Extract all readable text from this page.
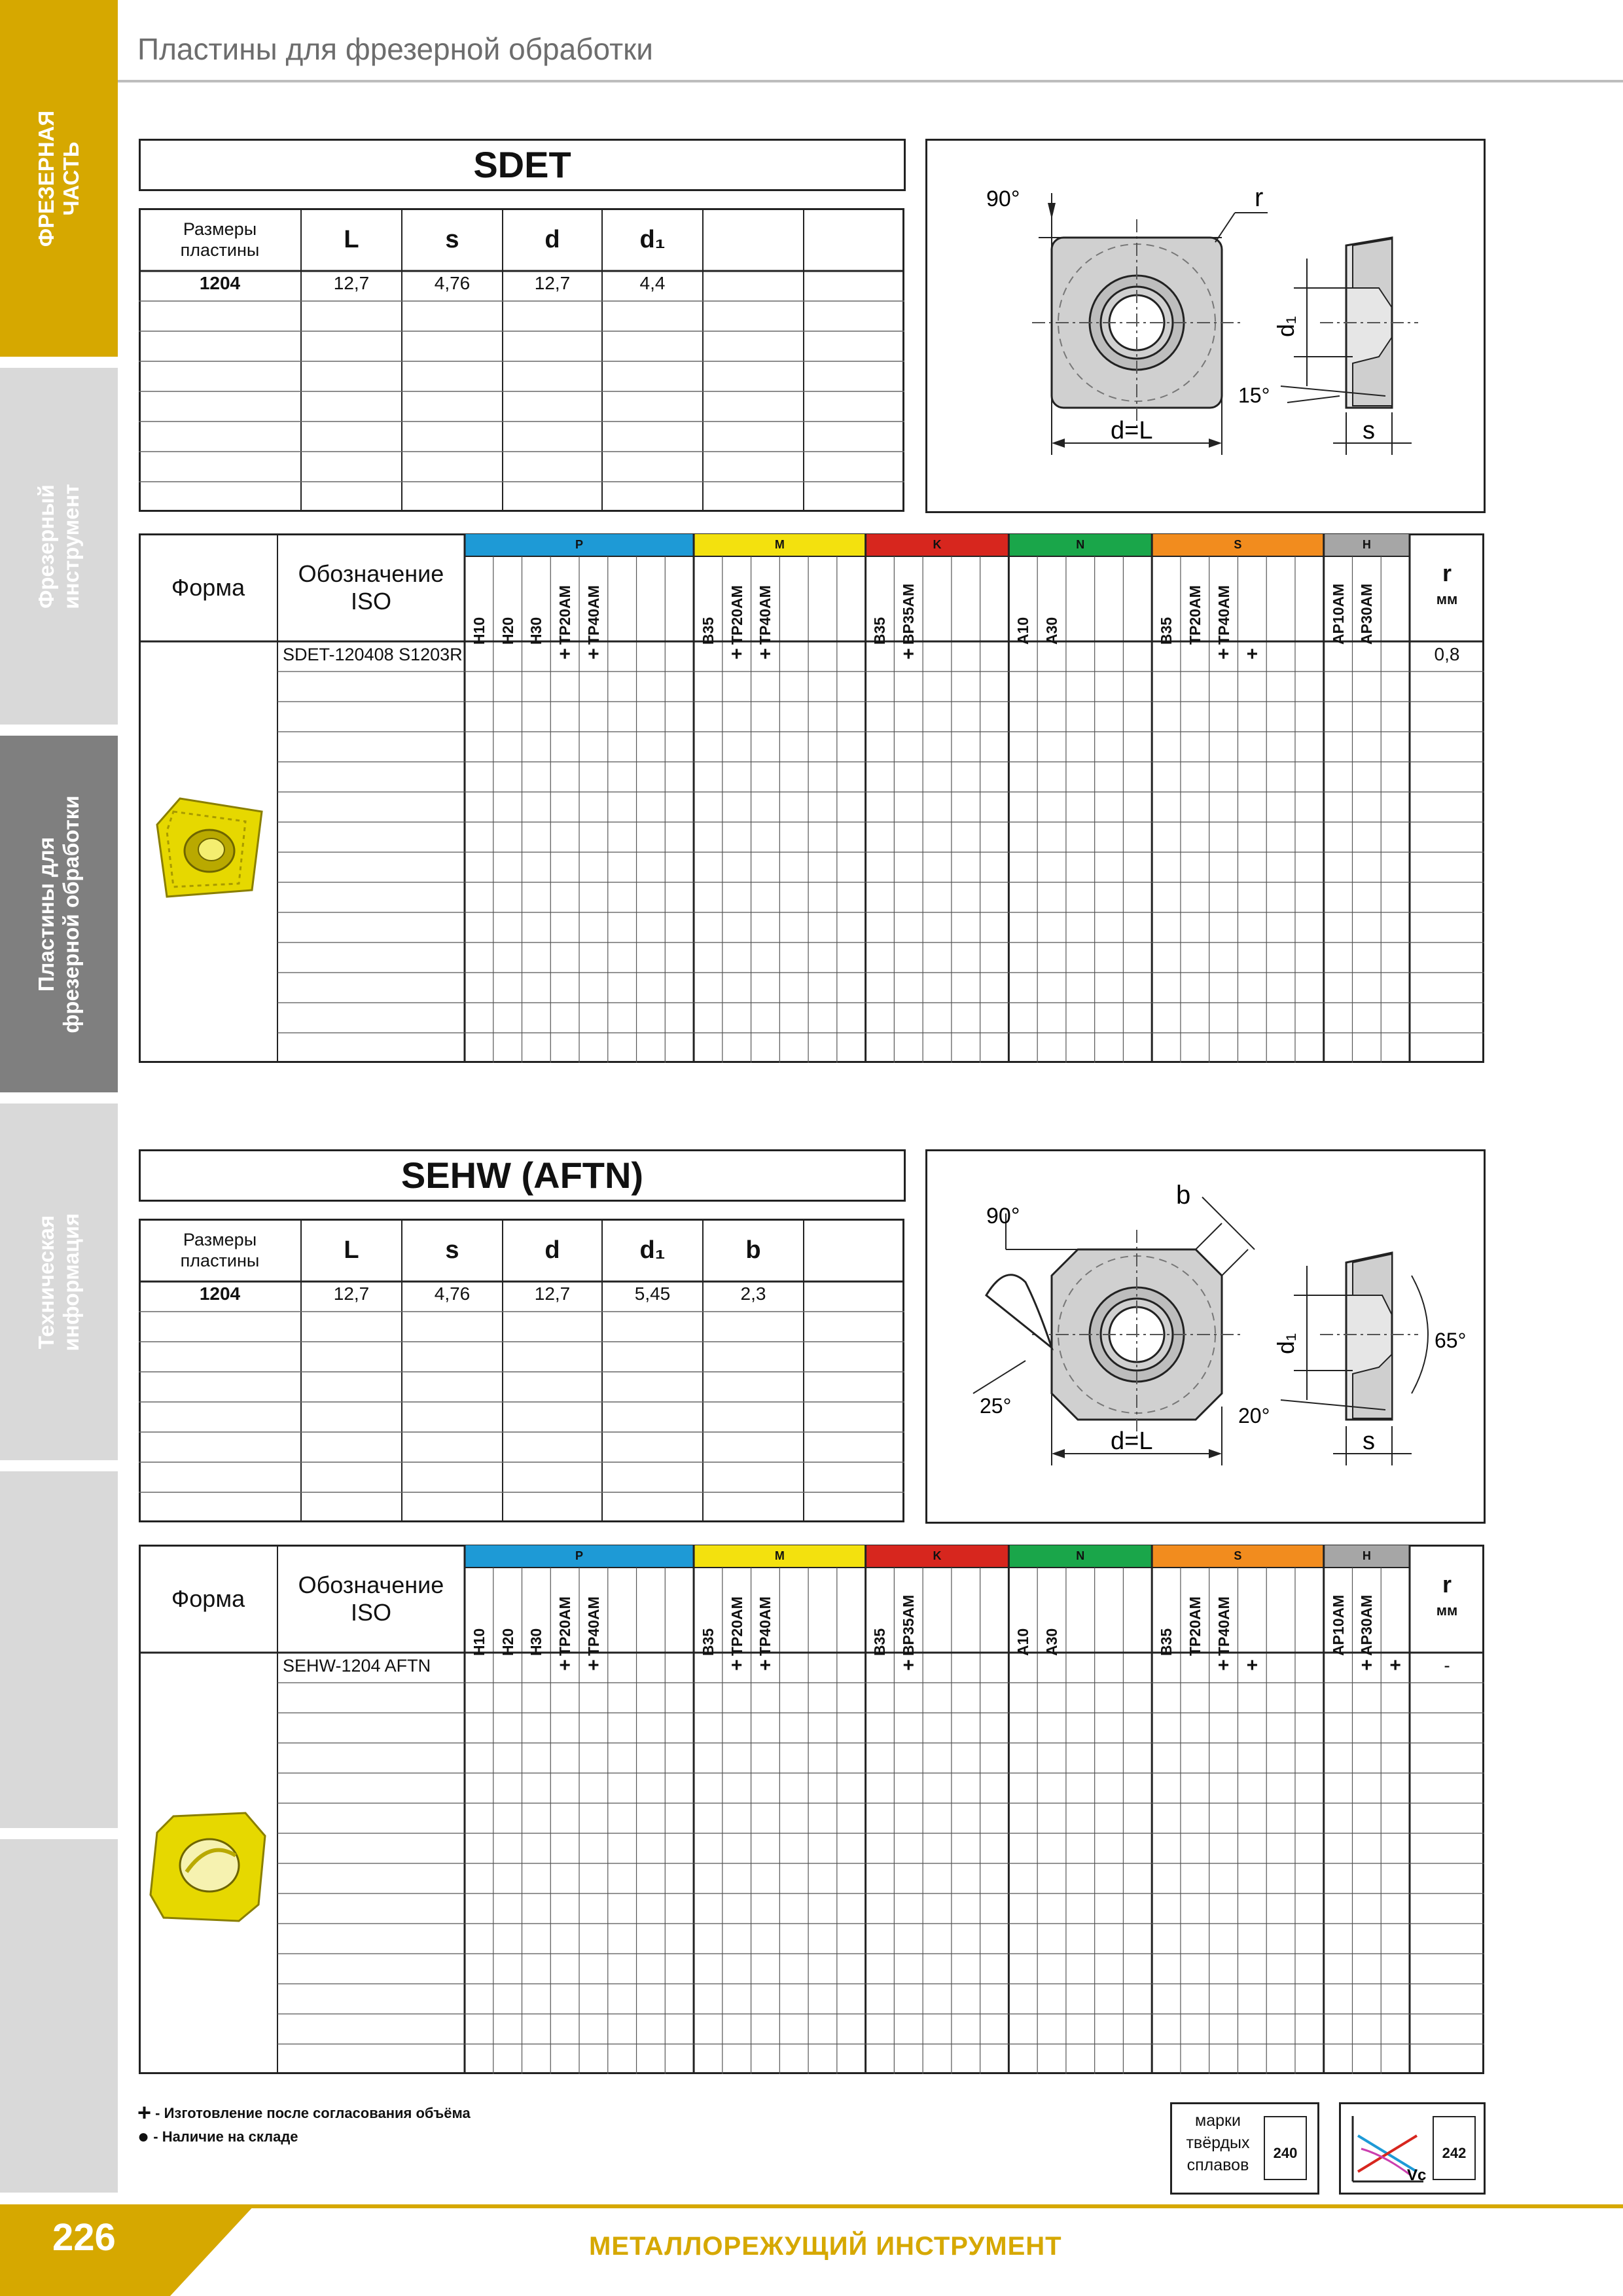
Пластины для фрезерной обработки
ФРЕЗЕРНАЯ
ЧАСТЬ
Фрезерный
инструмент
Пластины для
фрезерной обработки
Техническая
информация
SDET
Размеры
пластины	L	s	d	d₁
1204	12,7	4,76	12,7	4,4
P
H10 H20 H30 TP20AM TP40AM
M
B35 TP20AM TP40AM
K
B35 BP35AM
N
A10 A30
S
B35 TP20AM TP40AM
H
AP10AM AP30AM
Форма
Обозначение
ISO
r
мм
SDET-120408 S1203R	+ +	+ +	+	+ +	0,8
SEHW (AFTN)
Размеры
пластины	L	s	d	d₁	b
1204	12,7	4,76	12,7	5,45	2,3
P
H10 H20 H30 TP20AM TP40AM
M
B35 TP20AM TP40AM
K
B35 BP35AM
N
A10 A30
S
B35 TP20AM TP40AM
H
AP10AM AP30AM
Форма
Обозначение
ISO
r
мм
SEHW-1204 AFTN	+ +	+ +	+	+ +	+ +	-
90°	r
d₁
15°
d=L	s
90°
b
25°
d=L
d₁	65°
20°
s
+ - Изготовление после согласования объёма
● - Наличие на складе
марки
твёрдых
сплавов
240
Vc
242
226	МЕТАЛЛОРЕЖУЩИЙ ИНСТРУМЕНТ
